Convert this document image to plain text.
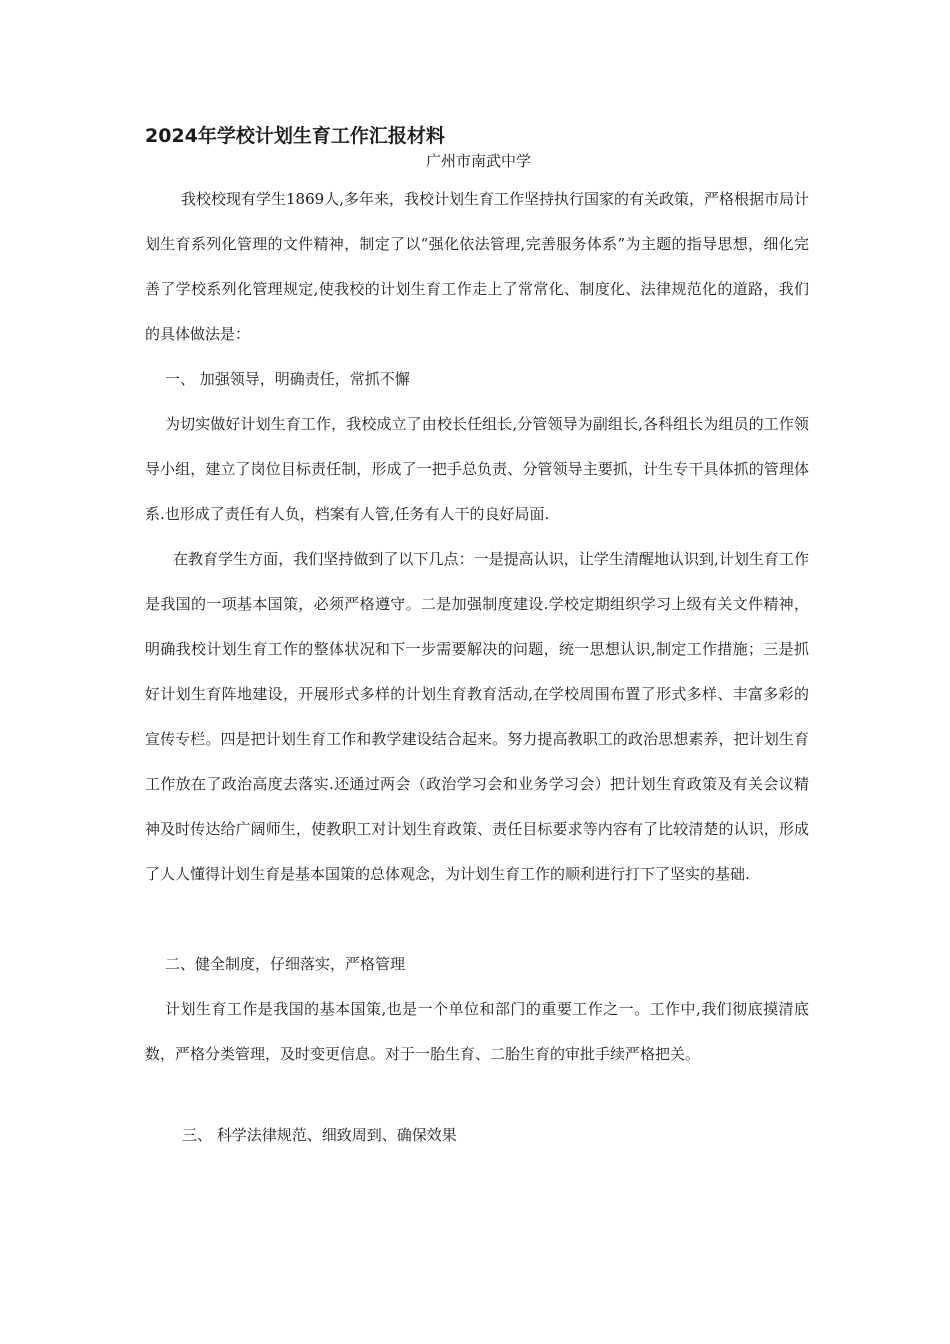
2024年学校计划生育工作汇报材料

广州市南武中学

我校校现有学生1869人,多年来，我校计划生育工作坚持执行国家的有关政策，严格根据市局计划生育系列化管理的文件精神，制定了以“强化依法管理,完善服务体系”为主题的指导思想，细化完善了学校系列化管理规定,使我校的计划生育工作走上了常常化、制度化、法律规范化的道路，我们的具体做法是：

一、 加强领导，明确责任，常抓不懈

为切实做好计划生育工作，我校成立了由校长任组长,分管领导为副组长,各科组长为组员的工作领导小组，建立了岗位目标责任制，形成了一把手总负责、分管领导主要抓，计生专干具体抓的管理体系.也形成了责任有人负，档案有人管,任务有人干的良好局面.

在教育学生方面，我们坚持做到了以下几点：一是提高认识，让学生清醒地认识到,计划生育工作是我国的一项基本国策，必须严格遵守。二是加强制度建设.学校定期组织学习上级有关文件精神，明确我校计划生育工作的整体状况和下一步需要解决的问题，统一思想认识,制定工作措施；三是抓好计划生育阵地建设，开展形式多样的计划生育教育活动,在学校周围布置了形式多样、丰富多彩的宣传专栏。四是把计划生育工作和教学建设结合起来。努力提高教职工的政治思想素养，把计划生育工作放在了政治高度去落实.还通过两会（政治学习会和业务学习会）把计划生育政策及有关会议精神及时传达给广阔师生，使教职工对计划生育政策、责任目标要求等内容有了比较清楚的认识，形成了人人懂得计划生育是基本国策的总体观念，为计划生育工作的顺利进行打下了坚实的基础.

二、健全制度，仔细落实，严格管理

计划生育工作是我国的基本国策,也是一个单位和部门的重要工作之一。工作中,我们彻底摸清底数，严格分类管理，及时变更信息。对于一胎生育、二胎生育的审批手续严格把关。

三、 科学法律规范、细致周到、确保效果
